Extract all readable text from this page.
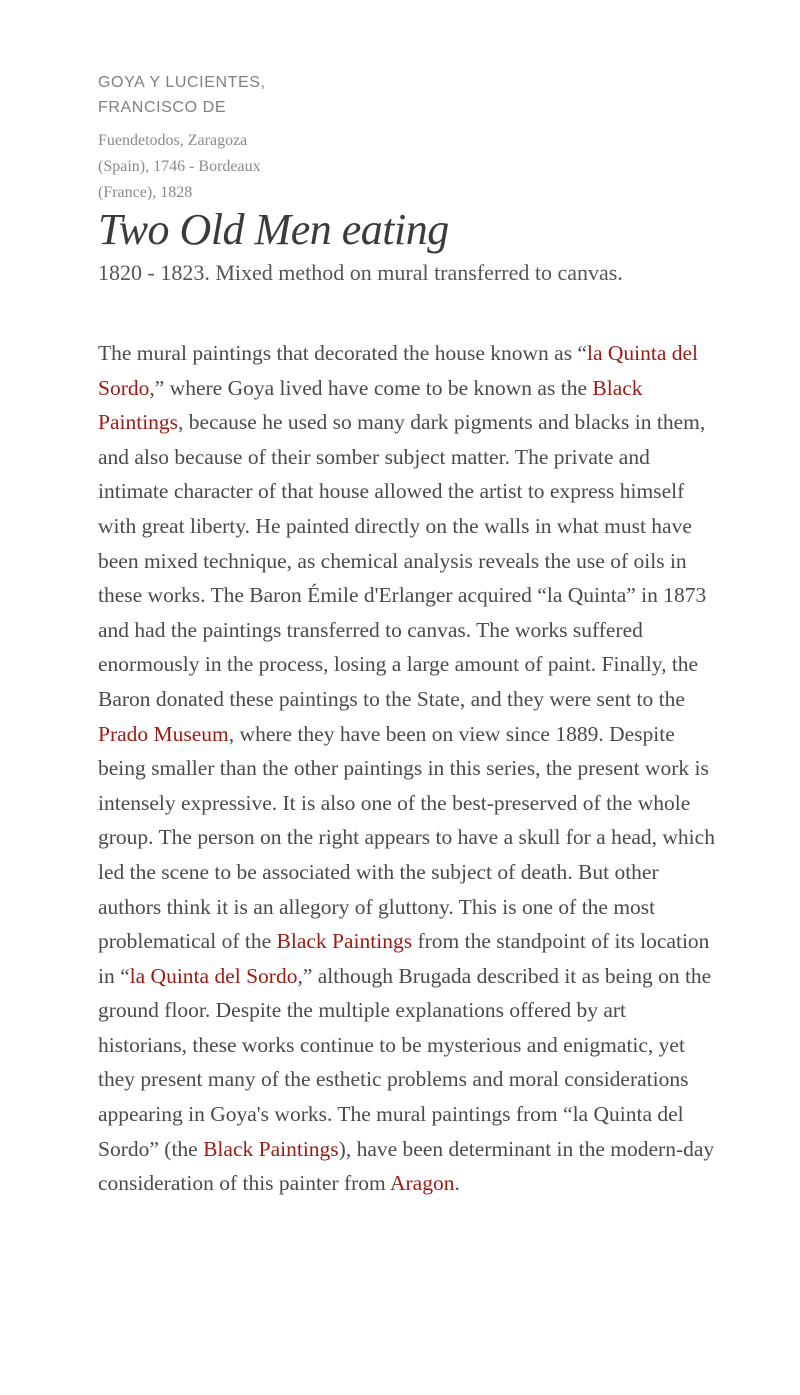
GOYA Y LUCIENTES, FRANCISCO DE
Fuendetodos, Zaragoza (Spain), 1746 - Bordeaux (France), 1828
Two Old Men eating
1820 - 1823. Mixed method on mural transferred to canvas.

The mural paintings that decorated the house known as “la Quinta del Sordo,” where Goya lived have come to be known as the Black Paintings, because he used so many dark pigments and blacks in them, and also because of their somber subject matter. The private and intimate character of that house allowed the artist to express himself with great liberty. He painted directly on the walls in what must have been mixed technique, as chemical analysis reveals the use of oils in these works. The Baron Émile d'Erlanger acquired “la Quinta” in 1873 and had the paintings transferred to canvas. The works suffered enormously in the process, losing a large amount of paint. Finally, the Baron donated these paintings to the State, and they were sent to the Prado Museum, where they have been on view since 1889. Despite being smaller than the other paintings in this series, the present work is intensely expressive. It is also one of the best-preserved of the whole group. The person on the right appears to have a skull for a head, which led the scene to be associated with the subject of death. But other authors think it is an allegory of gluttony. This is one of the most problematical of the Black Paintings from the standpoint of its location in “la Quinta del Sordo,” although Brugada described it as being on the ground floor. Despite the multiple explanations offered by art historians, these works continue to be mysterious and enigmatic, yet they present many of the esthetic problems and moral considerations appearing in Goya's works. The mural paintings from “la Quinta del Sordo” (the Black Paintings), have been determinant in the modern-day consideration of this painter from Aragon.
